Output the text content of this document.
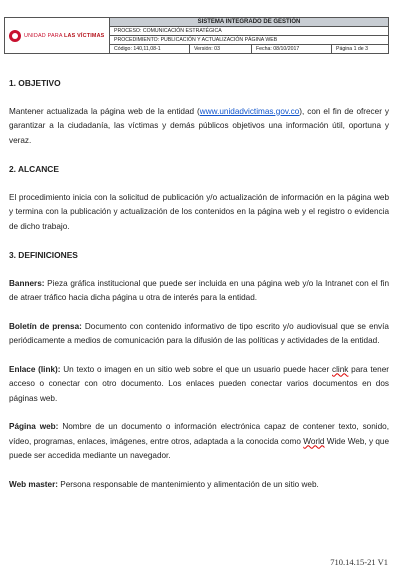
UNIDAD PARA LAS VÍCTIMAS
SISTEMA INTEGRADO DE GESTIÓN
PROCESO: COMUNICACIÓN ESTRATÉGICA
PROCEDIMIENTO: PUBLICACIÓN Y ACTUALIZACIÓN PÁGINA WEB
Código: 140,11,08-1	Versión: 03	Fecha: 08/10/2017	Página 1 de 3

1. OBJETIVO

Mantener actualizada la página web de la entidad (www.unidadvictimas.gov.co), con el fin de ofrecer y garantizar a la ciudadanía, las víctimas y demás públicos objetivos una información útil, oportuna y veraz.

2. ALCANCE

El procedimiento inicia con la solicitud de publicación y/o actualización de información en la página web y termina con la publicación y actualización de los contenidos en la página web y el registro o evidencia de dicho trabajo.

3. DEFINICIONES

Banners: Pieza gráfica institucional que puede ser incluida en una página web y/o la Intranet con el fin de atraer tráfico hacia dicha página u otra de interés para la entidad.

Boletín de prensa: Documento con contenido informativo de tipo escrito y/o audiovisual que se envía periódicamente a medios de comunicación para la difusión de las políticas y actividades de la entidad.

Enlace (link): Un texto o imagen en un sitio web sobre el que un usuario puede hacer clink para tener acceso o conectar con otro documento. Los enlaces pueden conectar varios documentos en dos páginas web.

Página web: Nombre de un documento o información electrónica capaz de contener texto, sonido, vídeo, programas, enlaces, imágenes, entre otros, adaptada a la conocida como World Wide Web, y que puede ser accedida mediante un navegador.

Web master: Persona responsable de mantenimiento y alimentación de un sitio web.

710.14.15-21 V1
